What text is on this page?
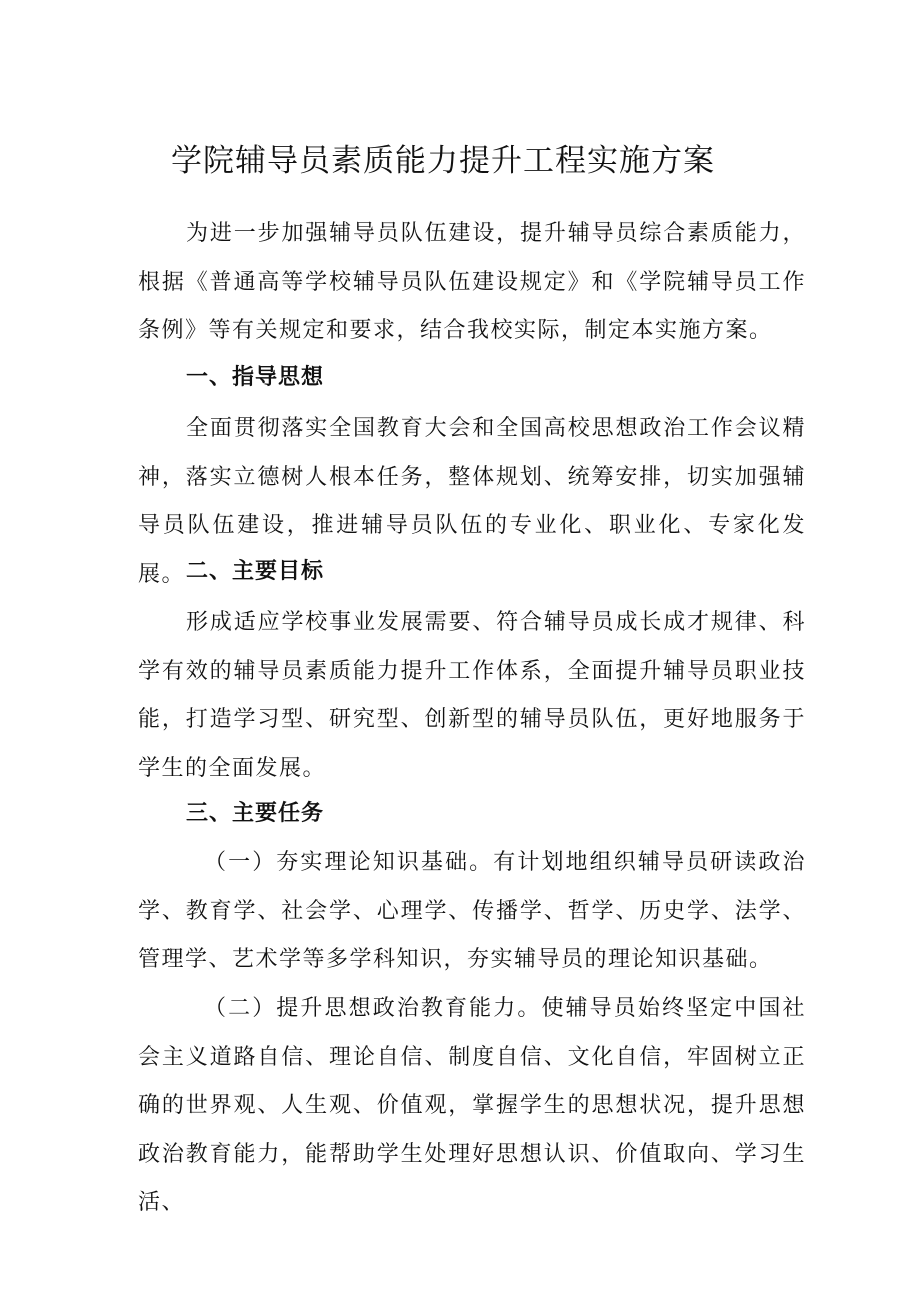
学院辅导员素质能力提升工程实施方案

为进一步加强辅导员队伍建设，提升辅导员综合素质能力，根据《普通高等学校辅导员队伍建设规定》和《学院辅导员工作条例》等有关规定和要求，结合我校实际，制定本实施方案。

一、指导思想

全面贯彻落实全国教育大会和全国高校思想政治工作会议精神，落实立德树人根本任务，整体规划、统筹安排，切实加强辅导员队伍建设，推进辅导员队伍的专业化、职业化、专家化发展。 二、主要目标

形成适应学校事业发展需要、符合辅导员成长成才规律、科学有效的辅导员素质能力提升工作体系，全面提升辅导员职业技能，打造学习型、研究型、创新型的辅导员队伍，更好地服务于学生的全面发展。

三、主要任务

（一）夯实理论知识基础。有计划地组织辅导员研读政治学、教育学、社会学、心理学、传播学、哲学、历史学、法学、管理学、艺术学等多学科知识，夯实辅导员的理论知识基础。

（二）提升思想政治教育能力。使辅导员始终坚定中国社会主义道路自信、理论自信、制度自信、文化自信，牢固树立正确的世界观、人生观、价值观，掌握学生的思想状况，提升思想政治教育能力，能帮助学生处理好思想认识、价值取向、学习生活、
